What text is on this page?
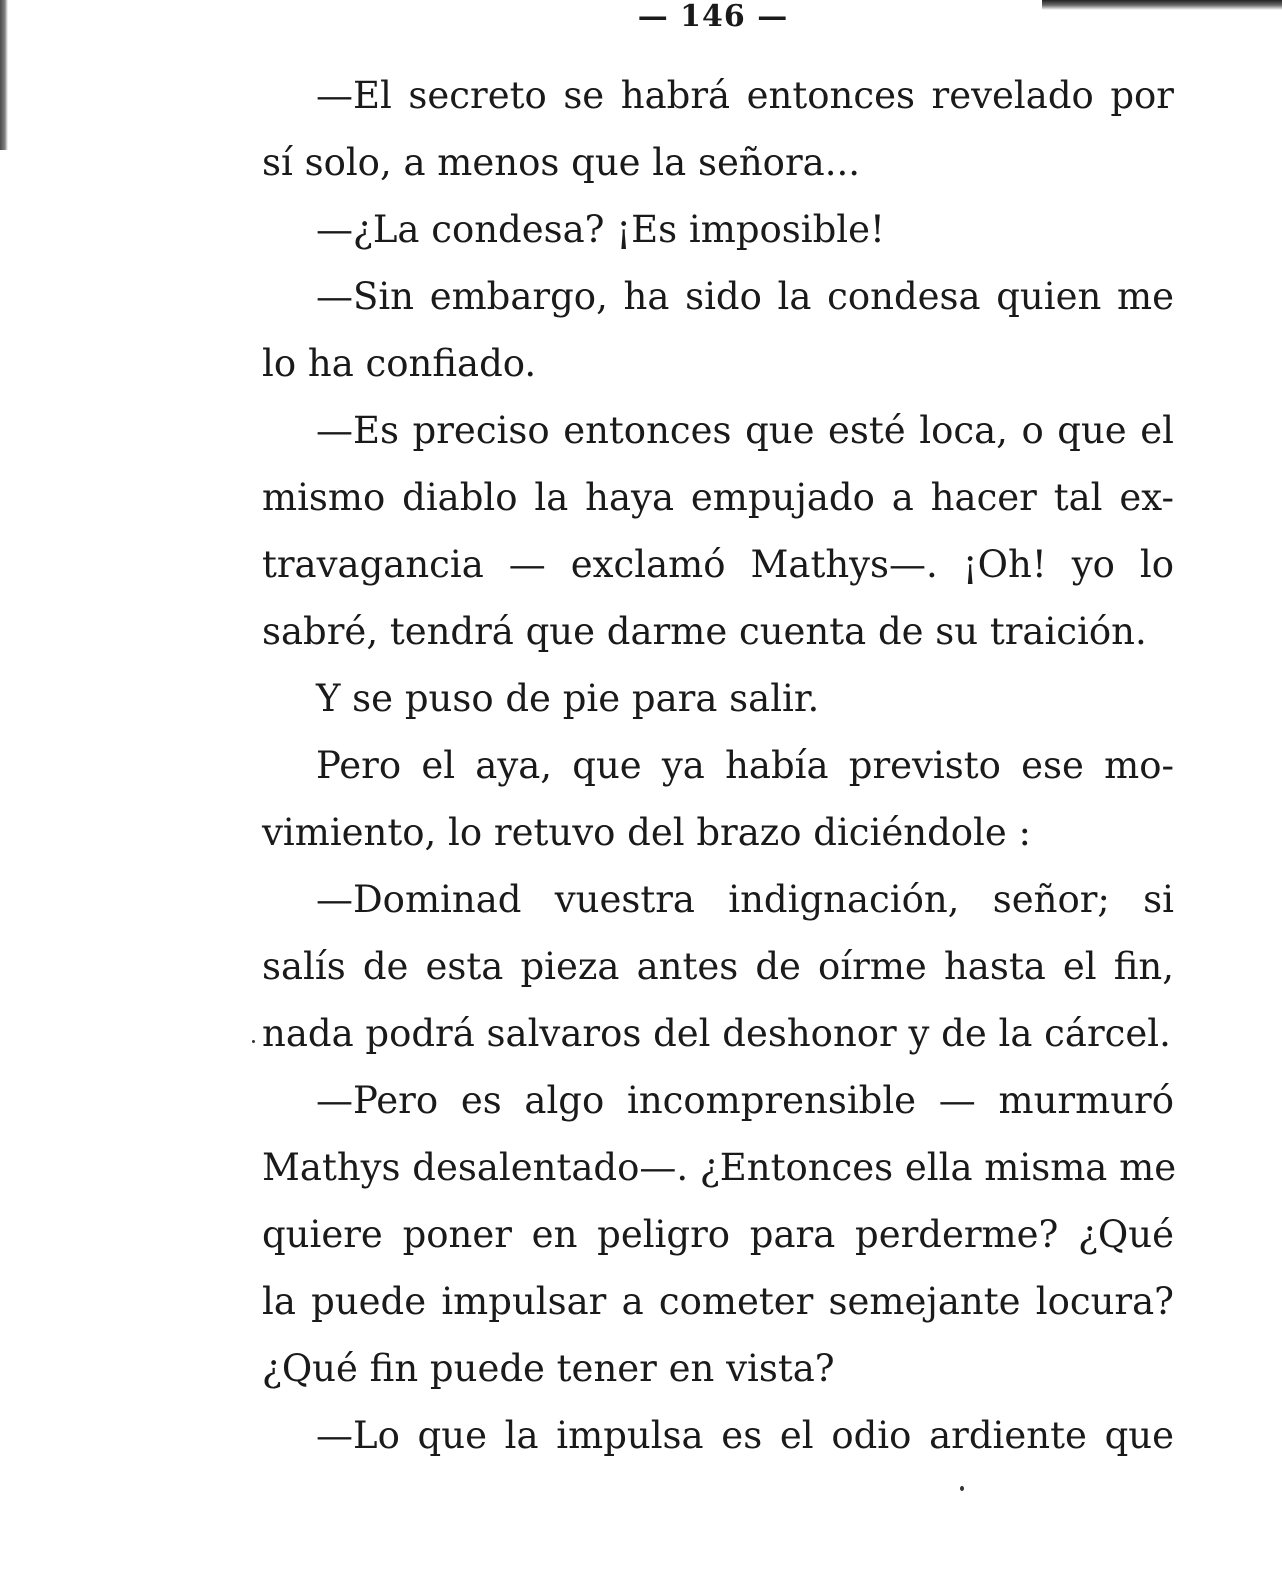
— 146 —
—El secreto se habrá entonces revelado por
sí solo, a menos que la señora...
—¿La condesa? ¡Es imposible!
—Sin embargo, ha sido la condesa quien me
lo ha confiado.
—Es preciso entonces que esté loca, o que el
mismo diablo la haya empujado a hacer tal ex-
travagancia — exclamó Mathys—. ¡Oh! yo lo
sabré, tendrá que darme cuenta de su traición.
Y se puso de pie para salir.
Pero el aya, que ya había previsto ese mo-
vimiento, lo retuvo del brazo diciéndole :
—Dominad vuestra indignación, señor; si
salís de esta pieza antes de oírme hasta el fin,
nada podrá salvaros del deshonor y de la cárcel.
—Pero es algo incomprensible — murmuró
Mathys desalentado—. ¿Entonces ella misma me
quiere poner en peligro para perderme? ¿Qué
la puede impulsar a cometer semejante locura?
¿Qué fin puede tener en vista?
—Lo que la impulsa es el odio ardiente que
